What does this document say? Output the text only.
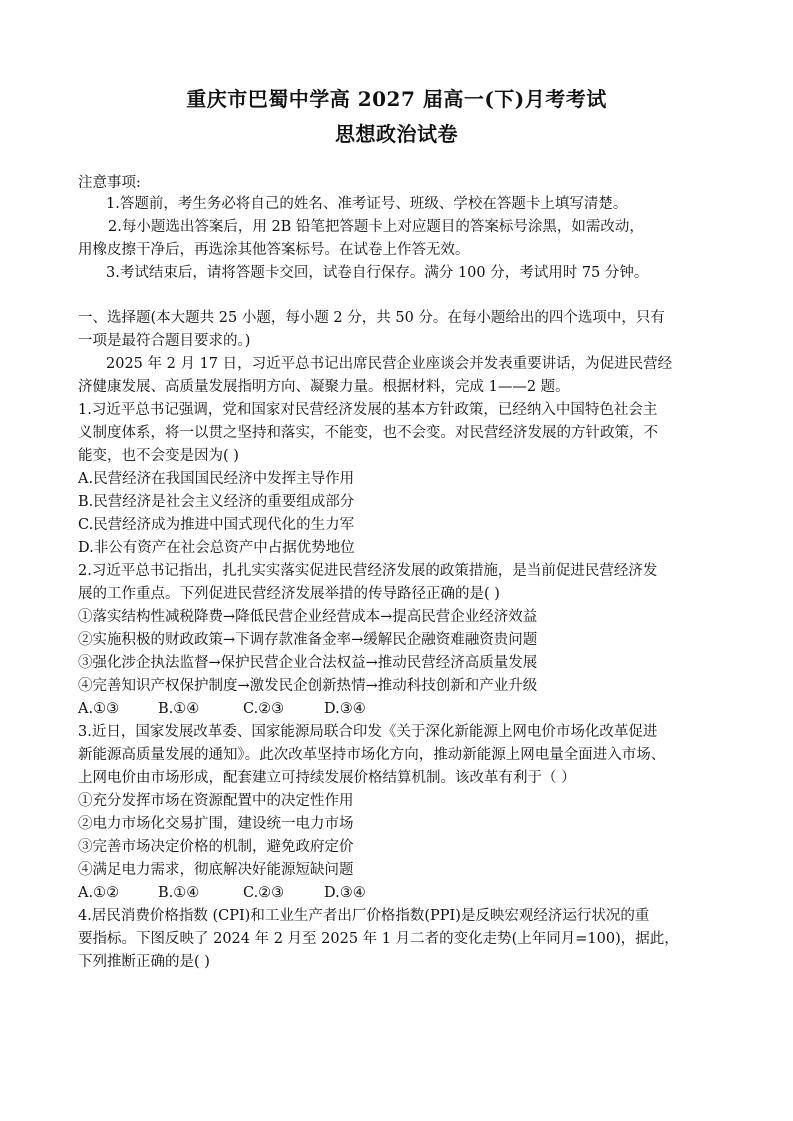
重庆市巴蜀中学高 2027 届高一(下)月考考试
思想政治试卷
注意事项:
1.答题前，考生务必将自己的姓名、准考证号、班级、学校在答题卡上填写清楚。
2.每小题选出答案后，用 2B 铅笔把答题卡上对应题目的答案标号涂黑，如需改动，
用橡皮擦干净后，再选涂其他答案标号。在试卷上作答无效。
3.考试结束后，请将答题卡交回，试卷自行保存。满分 100 分，考试用时 75 分钟。
一、选择题(本大题共 25 小题，每小题 2 分，共 50 分。在每小题给出的四个选项中，只有
一项是最符合题目要求的。)
2025 年 2 月 17 日，习近平总书记出席民营企业座谈会并发表重要讲话，为促进民营经
济健康发展、高质量发展指明方向、凝聚力量。根据材料，完成 1——2 题。
1.习近平总书记强调，党和国家对民营经济发展的基本方针政策，已经纳入中国特色社会主
义制度体系，将一以贯之坚持和落实，不能变，也不会变。对民营经济发展的方针政策，不
能变，也不会变是因为( )
A.民营经济在我国国民经济中发挥主导作用
B.民营经济是社会主义经济的重要组成部分
C.民营经济成为推进中国式现代化的生力军
D.非公有资产在社会总资产中占据优势地位
2.习近平总书记指出，扎扎实实落实促进民营经济发展的政策措施，是当前促进民营经济发
展的工作重点。下列促进民营经济发展举措的传导路径正确的是( )
①落实结构性减税降费→降低民营企业经营成本→提高民营企业经济效益
②实施积极的财政政策→下调存款准备金率→缓解民企融资难融资贵问题
③强化涉企执法监督→保护民营企业合法权益→推动民营经济高质量发展
④完善知识产权保护制度→激发民企创新热情→推动科技创新和产业升级
A.①③	B.①④	C.②③	D.③④
3.近日，国家发展改革委、国家能源局联合印发《关于深化新能源上网电价市场化改革促进
新能源高质量发展的通知》。此次改革坚持市场化方向，推动新能源上网电量全面进入市场、
上网电价由市场形成，配套建立可持续发展价格结算机制。该改革有利于（ ）
①充分发挥市场在资源配置中的决定性作用
②电力市场化交易扩围，建设统一电力市场
③完善市场决定价格的机制，避免政府定价
④满足电力需求，彻底解决好能源短缺问题
A.①②	B.①④	C.②③	D.③④
4.居民消费价格指数 (CPI)和工业生产者出厂价格指数(PPI)是反映宏观经济运行状况的重
要指标。下图反映了 2024 年 2 月至 2025 年 1 月二者的变化走势(上年同月=100)，据此，
下列推断正确的是( )
